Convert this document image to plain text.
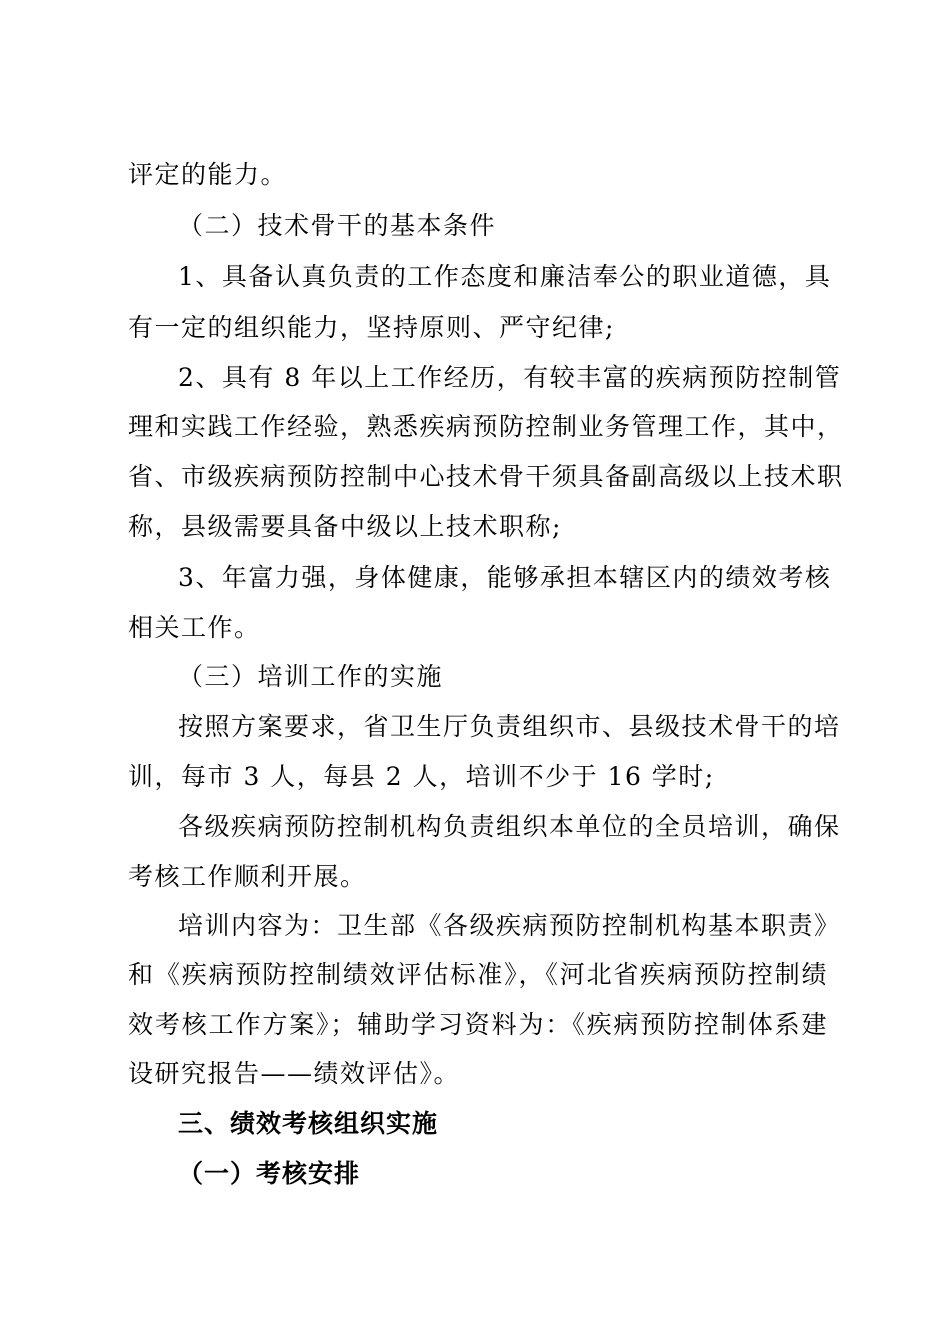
评定的能力。
（二）技术骨干的基本条件
1、具备认真负责的工作态度和廉洁奉公的职业道德，具
有一定的组织能力，坚持原则、严守纪律;
2、具有 8 年以上工作经历，有较丰富的疾病预防控制管
理和实践工作经验，熟悉疾病预防控制业务管理工作，其中，
省、市级疾病预防控制中心技术骨干须具备副高级以上技术职
称，县级需要具备中级以上技术职称;
3、年富力强，身体健康，能够承担本辖区内的绩效考核
相关工作。
（三）培训工作的实施
按照方案要求，省卫生厅负责组织市、县级技术骨干的培
训，每市 3 人，每县 2 人，培训不少于 16 学时;
各级疾病预防控制机构负责组织本单位的全员培训，确保
考核工作顺利开展。
培训内容为：卫生部《各级疾病预防控制机构基本职责》
和《疾病预防控制绩效评估标准》，《河北省疾病预防控制绩
效考核工作方案》；辅助学习资料为：《疾病预防控制体系建
设研究报告——绩效评估》。
三、绩效考核组织实施
（一）考核安排
